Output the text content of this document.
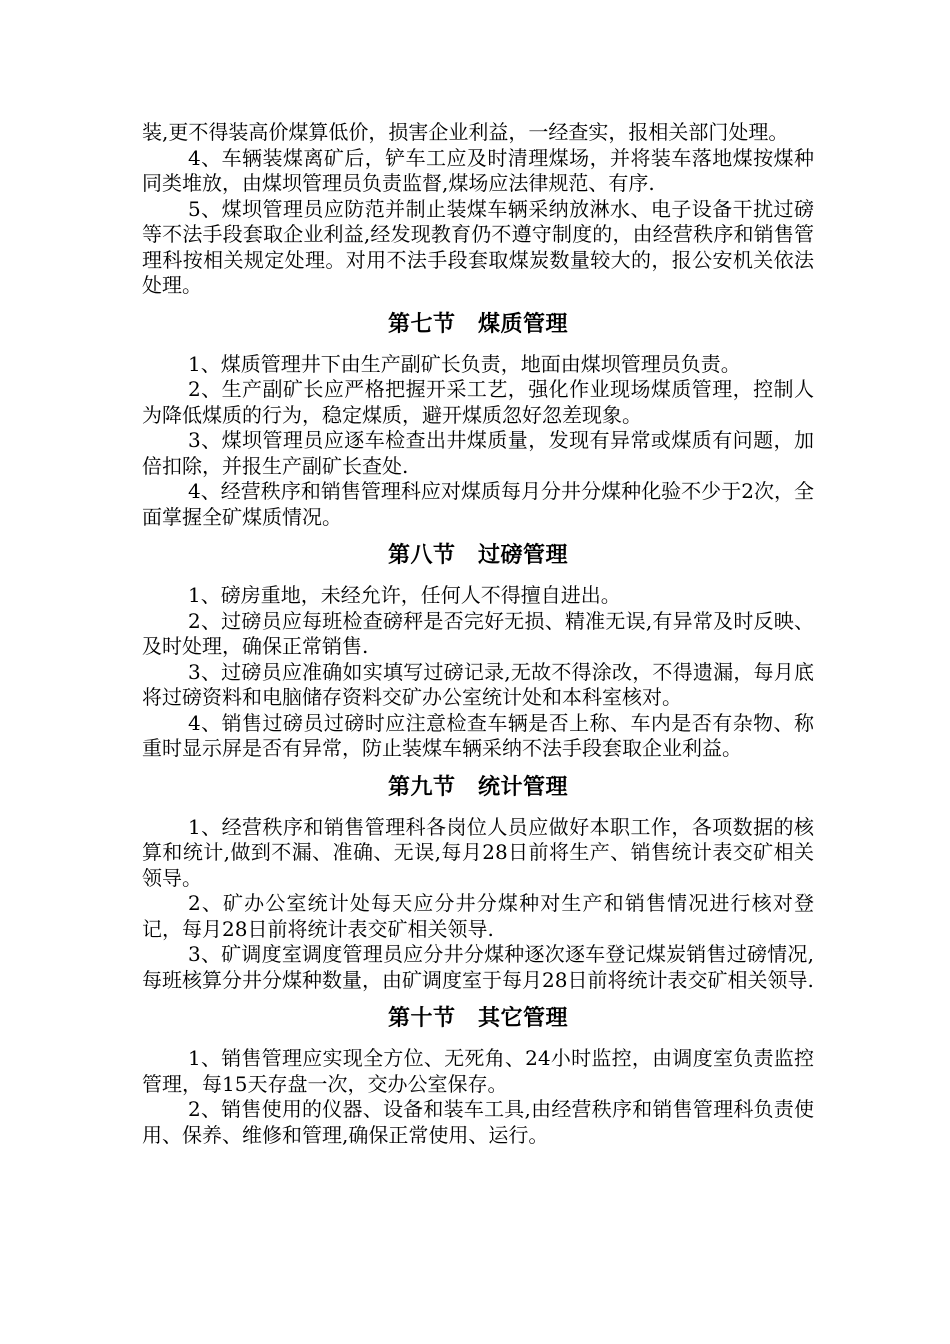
装,更不得装高价煤算低价，损害企业利益，一经查实，报相关部门处理。

4、车辆装煤离矿后，铲车工应及时清理煤场，并将装车落地煤按煤种同类堆放，由煤坝管理员负责监督,煤场应法律规范、有序.

5、煤坝管理员应防范并制止装煤车辆采纳放淋水、电子设备干扰过磅等不法手段套取企业利益,经发现教育仍不遵守制度的，由经营秩序和销售管理科按相关规定处理。对用不法手段套取煤炭数量较大的，报公安机关依法处理。

第七节　煤质管理

1、煤质管理井下由生产副矿长负责，地面由煤坝管理员负责。

2、生产副矿长应严格把握开采工艺，强化作业现场煤质管理，控制人为降低煤质的行为，稳定煤质，避开煤质忽好忽差现象。

3、煤坝管理员应逐车检查出井煤质量，发现有异常或煤质有问题，加倍扣除，并报生产副矿长查处.

4、经营秩序和销售管理科应对煤质每月分井分煤种化验不少于2次，全面掌握全矿煤质情况。

第八节　过磅管理

1、磅房重地，未经允许，任何人不得擅自进出。

2、过磅员应每班检查磅秤是否完好无损、精准无误,有异常及时反映、及时处理，确保正常销售.

3、过磅员应准确如实填写过磅记录,无故不得涂改，不得遗漏，每月底将过磅资料和电脑储存资料交矿办公室统计处和本科室核对。

4、销售过磅员过磅时应注意检查车辆是否上称、车内是否有杂物、称重时显示屏是否有异常，防止装煤车辆采纳不法手段套取企业利益。

第九节　统计管理

1、经营秩序和销售管理科各岗位人员应做好本职工作，各项数据的核算和统计,做到不漏、准确、无误,每月28日前将生产、销售统计表交矿相关领导。

2、矿办公室统计处每天应分井分煤种对生产和销售情况进行核对登记，每月28日前将统计表交矿相关领导.

3、矿调度室调度管理员应分井分煤种逐次逐车登记煤炭销售过磅情况,每班核算分井分煤种数量，由矿调度室于每月28日前将统计表交矿相关领导.

第十节　其它管理

1、销售管理应实现全方位、无死角、24小时监控，由调度室负责监控管理，每15天存盘一次，交办公室保存。

2、销售使用的仪器、设备和装车工具,由经营秩序和销售管理科负责使用、保养、维修和管理,确保正常使用、运行。
